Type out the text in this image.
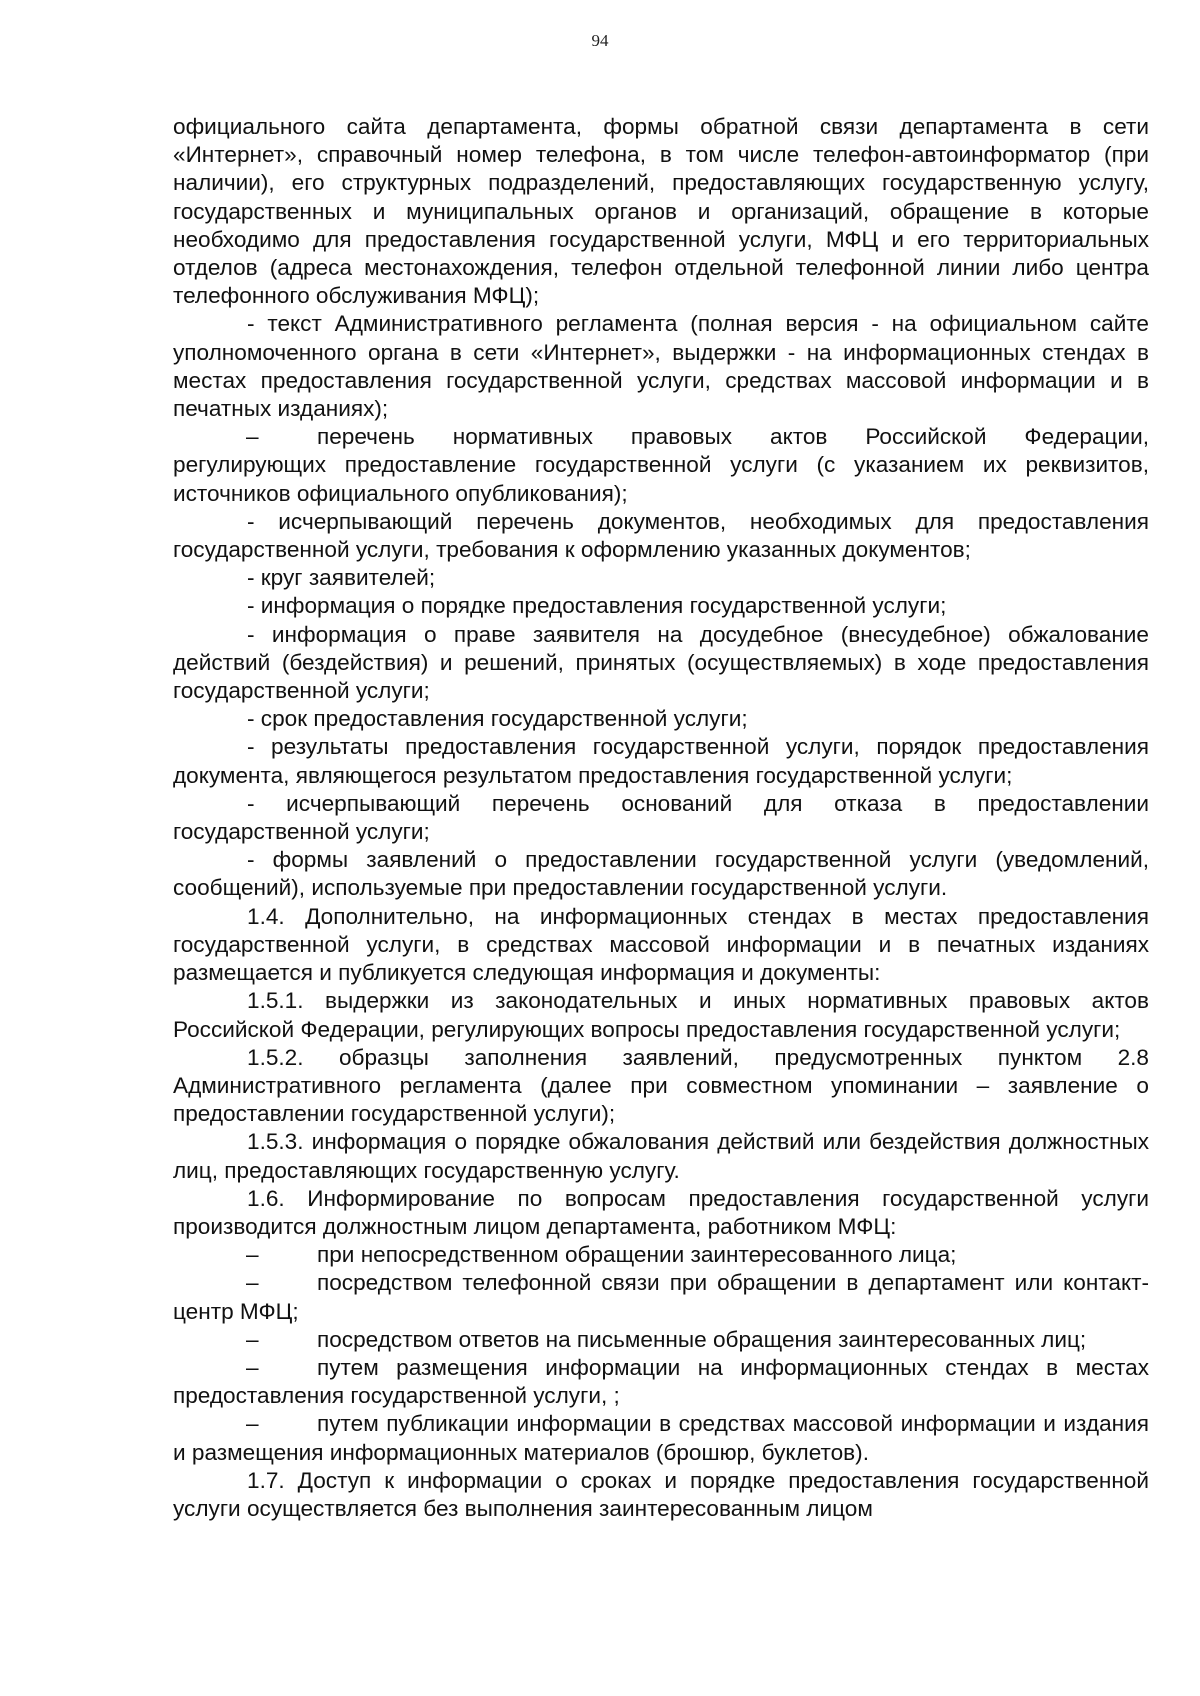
94

официального сайта департамента, формы обратной связи департамента в сети «Интернет», справочный номер телефона, в том числе телефон-автоинформатор (при наличии), его структурных подразделений, предоставляющих государственную услугу, государственных и муниципальных органов и организаций, обращение в которые необходимо для предоставления государственной услуги, МФЦ и его территориальных отделов (адреса местонахождения, телефон отдельной телефонной линии либо центра телефонного обслуживания МФЦ);

- текст Административного регламента (полная версия - на официальном сайте уполномоченного органа в сети «Интернет», выдержки - на информационных стендах в местах предоставления государственной услуги, средствах массовой информации и в печатных изданиях);

–	перечень нормативных правовых актов Российской Федерации, регулирующих предоставление государственной услуги (с указанием их реквизитов, источников официального опубликования);

- исчерпывающий перечень документов, необходимых для предоставления государственной услуги, требования к оформлению указанных документов;

- круг заявителей;

- информация о порядке предоставления государственной услуги;

- информация о праве заявителя на досудебное (внесудебное) обжалование действий (бездействия) и решений, принятых (осуществляемых) в ходе предоставления государственной услуги;

- срок предоставления государственной услуги;

- результаты предоставления государственной услуги, порядок предоставления документа, являющегося результатом предоставления государственной услуги;

- исчерпывающий перечень оснований для отказа в предоставлении государственной услуги;

- формы заявлений о предоставлении государственной услуги (уведомлений, сообщений), используемые при предоставлении государственной услуги.

1.4. Дополнительно, на информационных стендах в местах предоставления государственной услуги, в средствах массовой информации и в печатных изданиях размещается и публикуется следующая информация и документы:

1.5.1. выдержки из законодательных и иных нормативных правовых актов Российской Федерации, регулирующих вопросы предоставления государственной услуги;

1.5.2. образцы заполнения заявлений, предусмотренных пунктом 2.8 Административного регламента (далее при совместном упоминании – заявление о предоставлении государственной услуги);

1.5.3. информация о порядке обжалования действий или бездействия должностных лиц, предоставляющих государственную услугу.

1.6. Информирование по вопросам предоставления государственной услуги производится должностным лицом департамента, работником МФЦ:

–	при непосредственном обращении заинтересованного лица;

–	посредством телефонной связи при обращении в департамент или контакт-центр МФЦ;

–	посредством ответов на письменные обращения заинтересованных лиц;

–	путем размещения информации на информационных стендах в местах предоставления государственной услуги, ;

–	путем публикации информации в средствах массовой информации и издания и размещения информационных материалов (брошюр, буклетов).

1.7. Доступ к информации о сроках и порядке предоставления государственной услуги осуществляется без выполнения заинтересованным лицом
